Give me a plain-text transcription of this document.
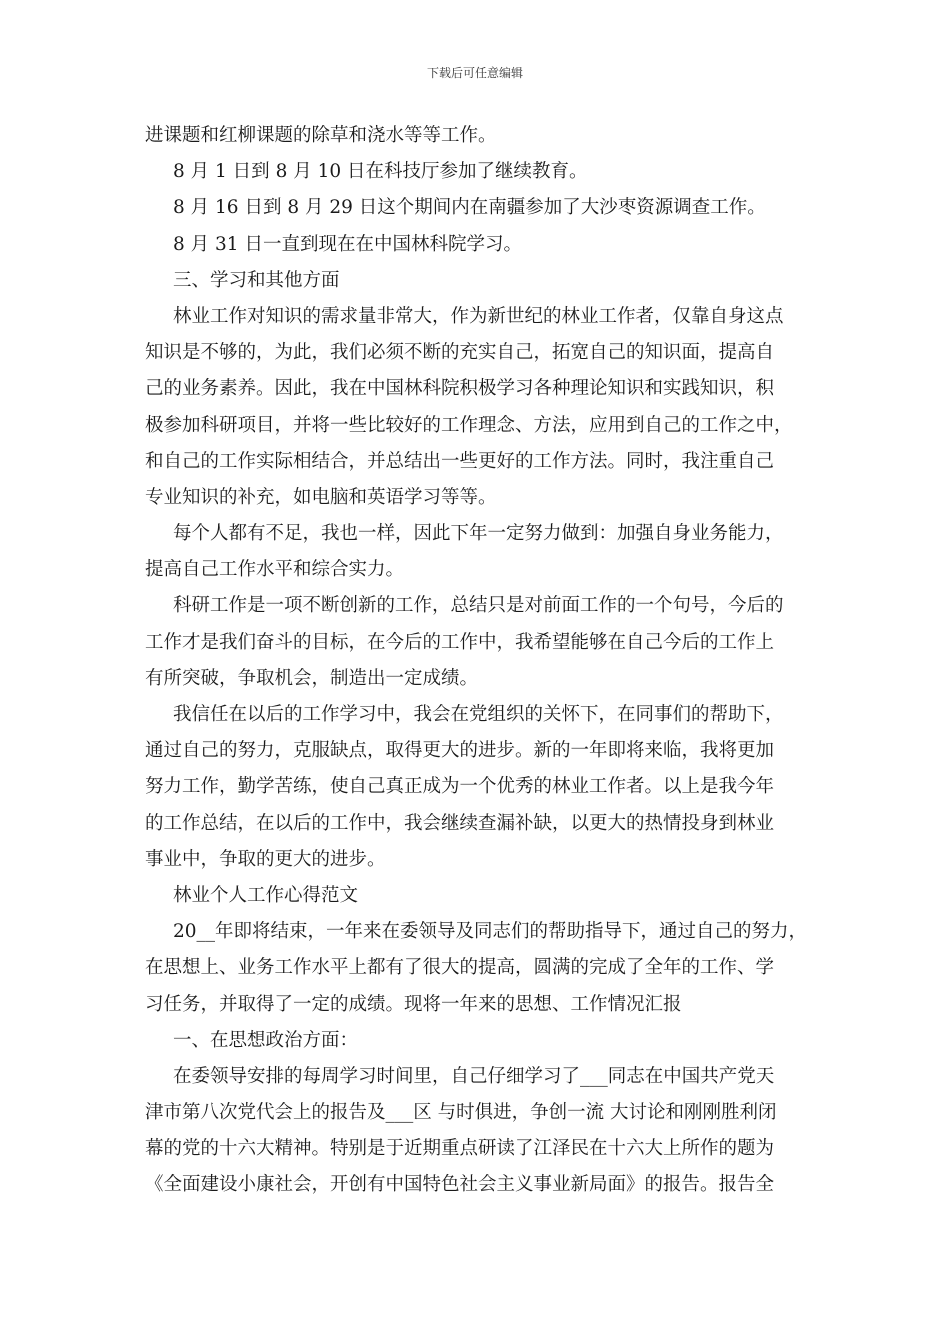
下载后可任意编辑
进课题和红柳课题的除草和浇水等等工作。
8 月 1 日到 8 月 10 日在科技厅参加了继续教育。
8 月 16 日到 8 月 29 日这个期间内在南疆参加了大沙枣资源调查工作。
8 月 31 日一直到现在在中国林科院学习。
三、学习和其他方面
林业工作对知识的需求量非常大，作为新世纪的林业工作者，仅靠自身这点
知识是不够的，为此，我们必须不断的充实自己，拓宽自己的知识面，提高自
己的业务素养。因此，我在中国林科院积极学习各种理论知识和实践知识，积
极参加科研项目，并将一些比较好的工作理念、方法，应用到自己的工作之中，
和自己的工作实际相结合，并总结出一些更好的工作方法。同时，我注重自己
专业知识的补充，如电脑和英语学习等等。
每个人都有不足，我也一样，因此下年一定努力做到：加强自身业务能力，
提高自己工作水平和综合实力。
科研工作是一项不断创新的工作，总结只是对前面工作的一个句号，今后的
工作才是我们奋斗的目标，在今后的工作中，我希望能够在自己今后的工作上
有所突破，争取机会，制造出一定成绩。
我信任在以后的工作学习中，我会在党组织的关怀下，在同事们的帮助下，
通过自己的努力，克服缺点，取得更大的进步。新的一年即将来临，我将更加
努力工作，勤学苦练，使自己真正成为一个优秀的林业工作者。以上是我今年
的工作总结，在以后的工作中，我会继续查漏补缺，以更大的热情投身到林业
事业中，争取的更大的进步。
林业个人工作心得范文
20__年即将结束，一年来在委领导及同志们的帮助指导下，通过自己的努力，
在思想上、业务工作水平上都有了很大的提高，圆满的完成了全年的工作、学
习任务，并取得了一定的成绩。现将一年来的思想、工作情况汇报
一、在思想政治方面：
在委领导安排的每周学习时间里，自己仔细学习了___同志在中国共产党天
津市第八次党代会上的报告及___区 与时俱进，争创一流 大讨论和刚刚胜利闭
幕的党的十六大精神。特别是于近期重点研读了江泽民在十六大上所作的题为
《全面建设小康社会，开创有中国特色社会主义事业新局面》的报告。报告全
